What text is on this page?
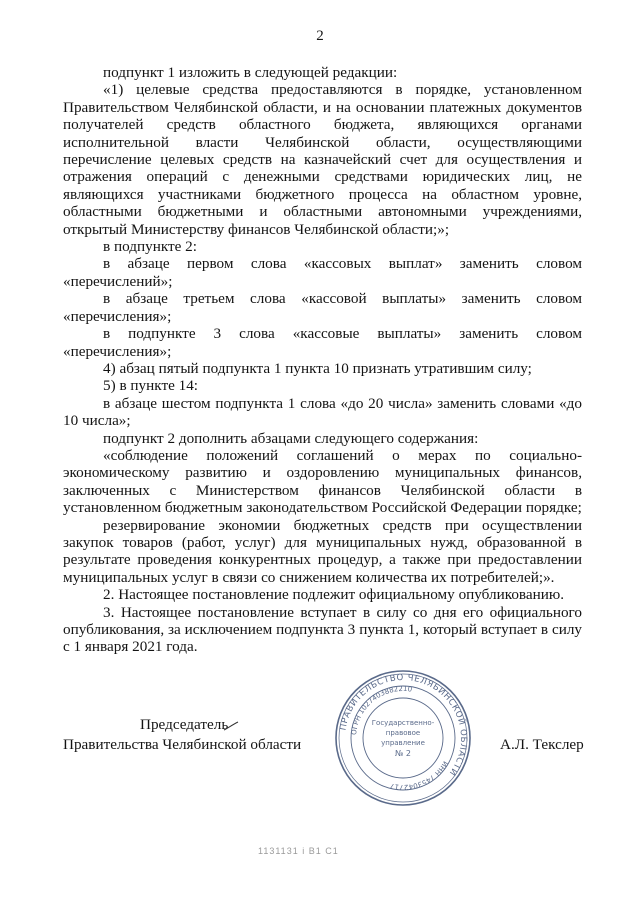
2

подпункт 1 изложить в следующей редакции:

«1) целевые средства предоставляются в порядке, установленном Правительством Челябинской области, и на основании платежных документов получателей средств областного бюджета, являющихся органами исполнительной власти Челябинской области, осуществляющими перечисление целевых средств на казначейский счет для осуществления и отражения операций с денежными средствами юридических лиц, не являющихся участниками бюджетного процесса на областном уровне, областными бюджетными и областными автономными учреждениями, открытый Министерству финансов Челябинской области;»;

в подпункте 2:

в абзаце первом слова «кассовых выплат» заменить словом «перечислений»;

в абзаце третьем слова «кассовой выплаты» заменить словом «перечисления»;

в подпункте 3 слова «кассовые выплаты» заменить словом «перечисления»;

4) абзац пятый подпункта 1 пункта 10 признать утратившим силу;

5) в пункте 14:

в абзаце шестом подпункта 1 слова «до 20 числа» заменить словами «до 10 числа»;

подпункт 2 дополнить абзацами следующего содержания:

«соблюдение положений соглашений о мерах по социально-экономическому развитию и оздоровлению муниципальных финансов, заключенных с Министерством финансов Челябинской области в установленном бюджетным законодательством Российской Федерации порядке;

резервирование экономии бюджетных средств при осуществлении закупок товаров (работ, услуг) для муниципальных нужд, образованной в результате проведения конкурентных процедур, а также при предоставлении муниципальных услуг в связи со снижением количества их потребителей;».

2. Настоящее постановление подлежит официальному опубликованию.

3. Настоящее постановление вступает в силу со дня его официального опубликования, за исключением подпункта 3 пункта 1, который вступает в силу с 1 января 2021 года.

Председатель
Правительства Челябинской области	А.Л. Текслер
ПРАВИТЕЛЬСТВО ЧЕЛЯБИНСКОЙ ОБЛАСТИ
ОГРН 1027403882210
ИНН 7453042717
Государственно-
правовое
управление
№ 2
1131131 i В1 С1
